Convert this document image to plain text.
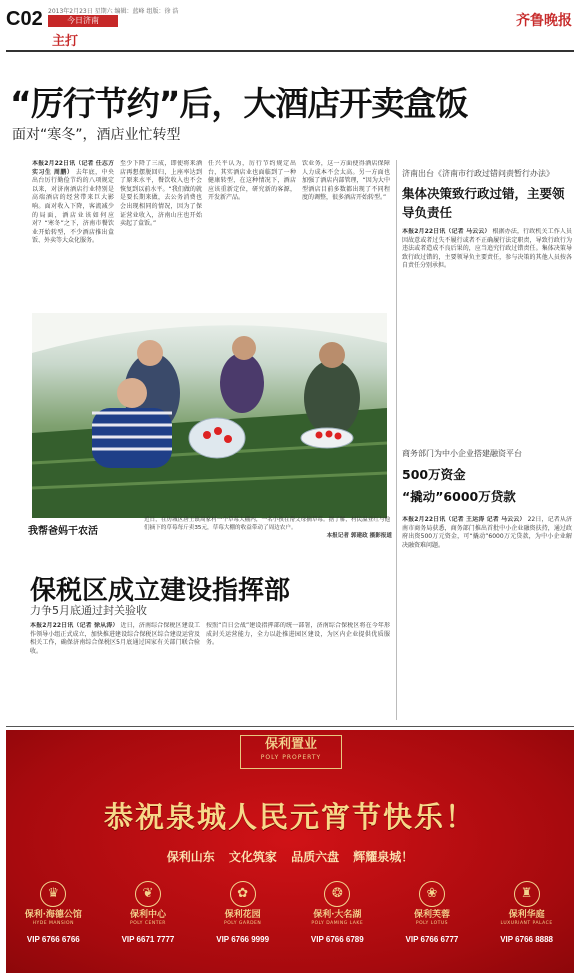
C02 2013年2月23日 星期六 编辑：蓝峰 组版：徐 浩
今日济南
主打
齐鲁晚报
“厉行节约”后，大酒店开卖盒饭
面对“寒冬”，酒店业忙转型
本报2月22日讯（记者 任志方 实习生 周鹏） 去年底，中央出台厉行勤俭节约的八项规定以来，对济南酒店行业特别是高端酒店的经营带来巨大影响。面对收入下降，客流减少的局面，酒店业该如何应对？“寒冬”之下，济南市餐饮业开始转型，不少酒店推出盒饭、外卖等大众化服务。
至少下降了三成，即使将来酒店再想摆脱回归，上座率达到了原来水平，餐饮收入也不会恢复到以前水平。“我们做的就是要长期来做，去公务消费也会出现相同的情况，因为了保证营业收入，济南山庄也开始卖起了盒饭。”
任兴平认为，厉行节约规定出台，其实酒店业也面临到了一种健康转型，在这种情况下，酒店应该重新定位，研究新的客源，开发新产品。
饮业务，这一方面使得酒店保障人力成本不会太高。另一方面也加强了酒店内部管理，“因为大中型酒店目前多数都出现了不同程度的调整，很多酒店开始转型。”
我帮爸妈干农活
近日，在历城区唐王镇周家村一个草莓大棚内，一名小孩在帮父母摘草莓。据了解，村民温亚红与他们摘下的草莓每斤卖35元，草莓大棚的收益带动了周边农户。
本报记者 郭建政 摄影报道
济南出台《济南市行政过错问责暂行办法》
集体决策致行政过错，主要领导负责任
本报2月22日讯（记者 马云云） 根据办法，行政机关工作人员因故意或者过失不履行或者不正确履行法定职责，导致行政行为违法或者造成不良后果的，应当追究行政过错责任。集体决策导致行政过错的，主要领导负主要责任，参与决策的其他人员按各自责任分别承担。
商务部门为中小企业搭建融资平台
500万资金
“撬动”6000万贷款
本报2月22日讯（记者 王运涛 记者 马云云） 22日，记者从济南市商务局获悉，商务部门推出首批中小企业融资扶持，通过政府出资500万元资金，可“撬动”6000万元贷款，为中小企业解决融资难问题。
保税区成立建设指挥部
力争5月底通过封关验收
本报2月22日讯（记者 徐从涛） 近日，济南综合保税区建设工作领导小组正式成立，加快推进建设综合保税区综合建设运营及相关工作，确保济南综合保税区5月底通过国家有关部门联合验收。
按照“百日会战”建设指挥部的统一部署，济南综合保税区将在今年形成封关运营能力，全力以赴推进园区建设，为区内企业提供优质服务。
保利置业
POLY PROPERTY
恭祝泉城人民元宵节快乐！
保利山东 文化筑家 品质六盘 辉耀泉城！
♛
保利·海德公馆
HYDE MANSION
VIP 6766 6766
❦
保利中心
POLY CENTER
VIP 6671 7777
✿
保利花园
POLY GARDEN
VIP 6766 9999
❂
保利·大名湖
POLY DAMING LAKE
VIP 6766 6789
❀
保利芙蓉
POLY LOTUS
VIP 6766 6777
♜
保利华庭
LUXURIANT PALACE
VIP 6766 8888
